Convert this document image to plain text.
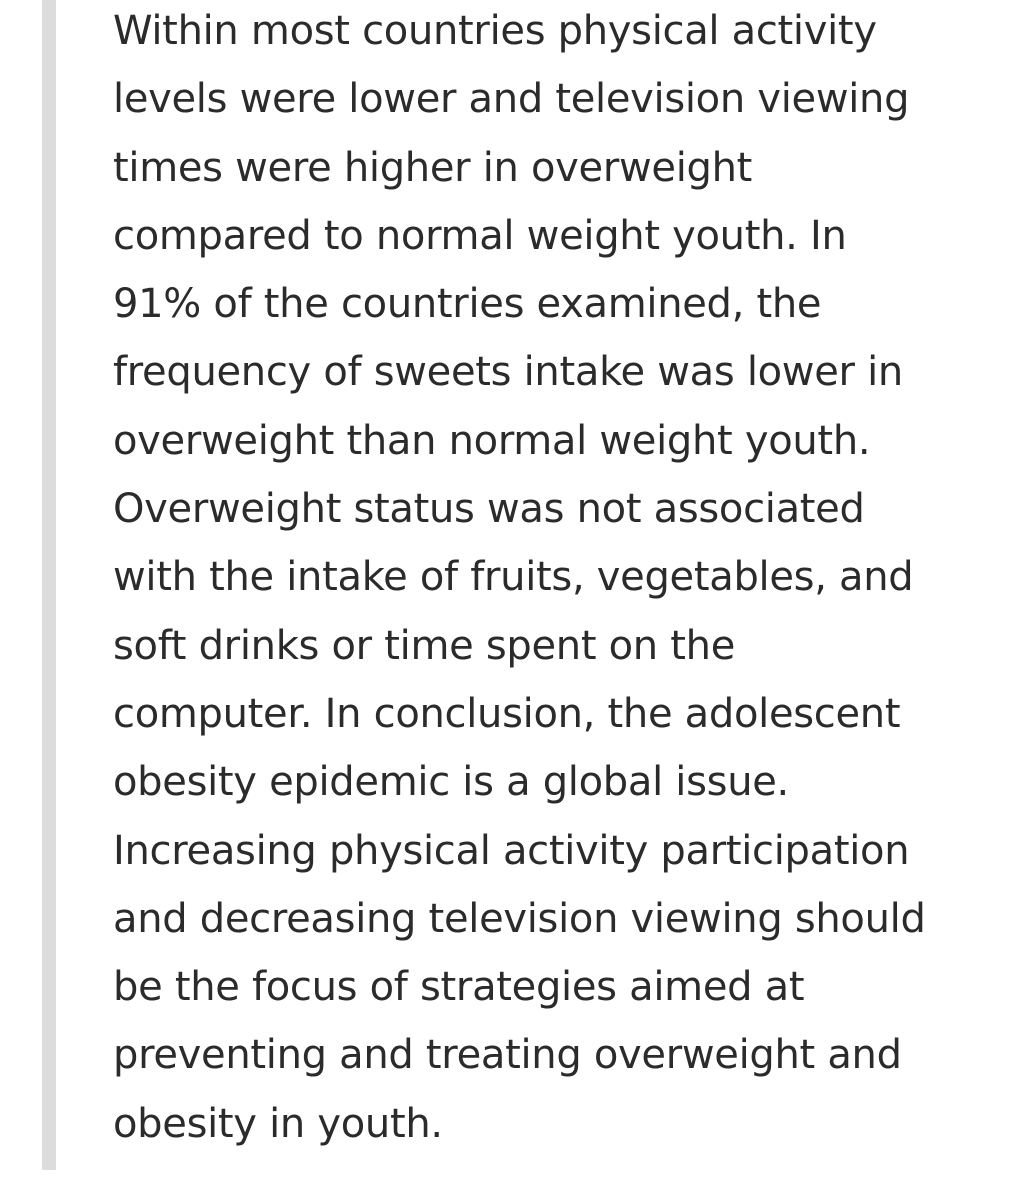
Within most countries physical activity
levels were lower and television viewing
times were higher in overweight
compared to normal weight youth. In
91% of the countries examined, the
frequency of sweets intake was lower in
overweight than normal weight youth.
Overweight status was not associated
with the intake of fruits, vegetables, and
soft drinks or time spent on the
computer. In conclusion, the adolescent
obesity epidemic is a global issue.
Increasing physical activity participation
and decreasing television viewing should
be the focus of strategies aimed at
preventing and treating overweight and
obesity in youth.
